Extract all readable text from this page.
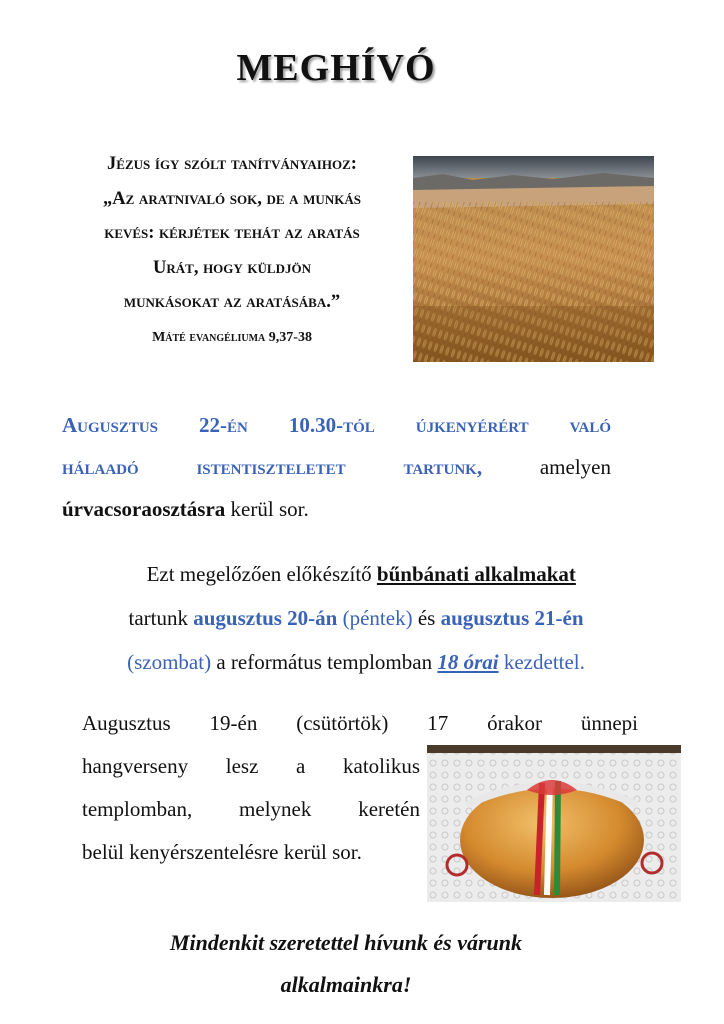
MEGHÍVÓ
Jézus így szólt tanítványaihoz:
„Az aratnivaló sok, de a munkás
kevés: kérjétek tehát az aratás
Urát, hogy küldjön
munkásokat az aratásába.”
Máté evangéliuma 9,37-38
Augusztus 22-én 10.30-tól újkenyérért való
hálaadó istentiszteletet tartunk,	amelyen
úrvacsoraosztásra kerül sor.
Ezt megelőzően előkészítő bűnbánati alkalmakat
tartunk augusztus 20-án (péntek) és augusztus 21-én
(szombat) a református templomban 18 órai kezdettel.
Augusztus 19-én (csütörtök) 17 órakor ünnepi
hangverseny lesz a katolikus
templomban, melynek keretén
belül kenyérszentelésre kerül sor.
Mindenkit szeretettel hívunk és várunk
alkalmainkra!
